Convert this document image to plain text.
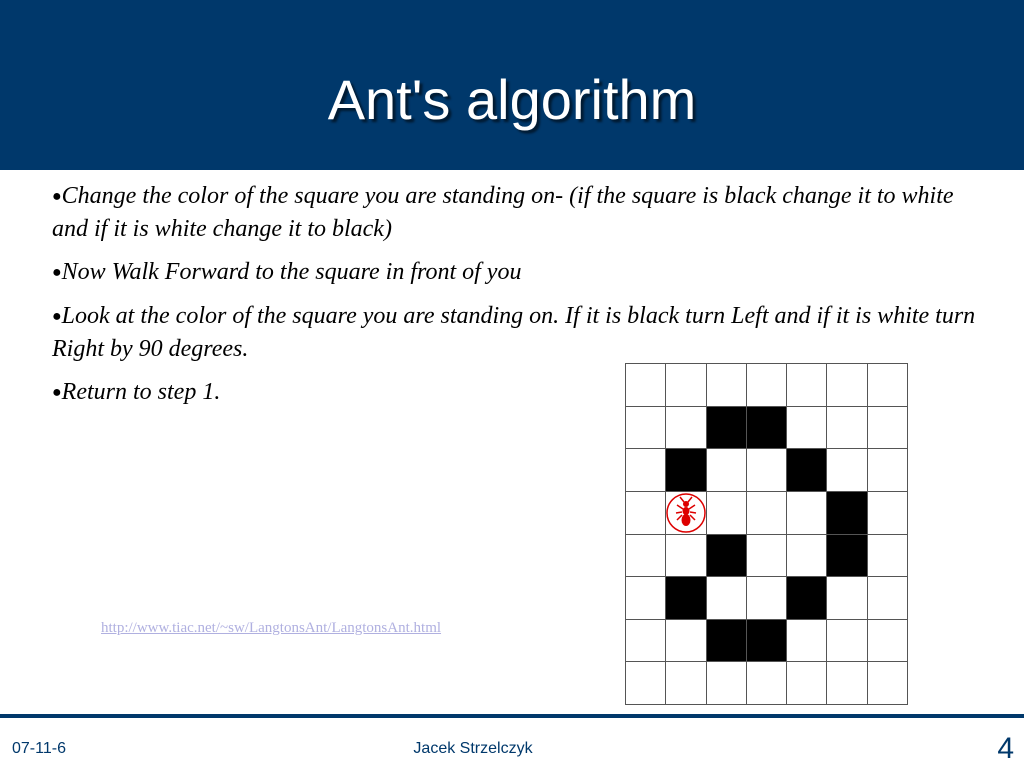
Ant's algorithm
●Change the color of the square you are standing on- (if the square is black change it to white and if it is white change it to black)
●Now Walk Forward to the square in front of you
●Look at the color of the square you are standing on. If it is black turn Left and if it is white turn Right by 90 degrees.
●Return to step 1.
http://www.tiac.net/~sw/LangtonsAnt/LangtonsAnt.html

07-11-6	Jacek Strzelczyk	4
